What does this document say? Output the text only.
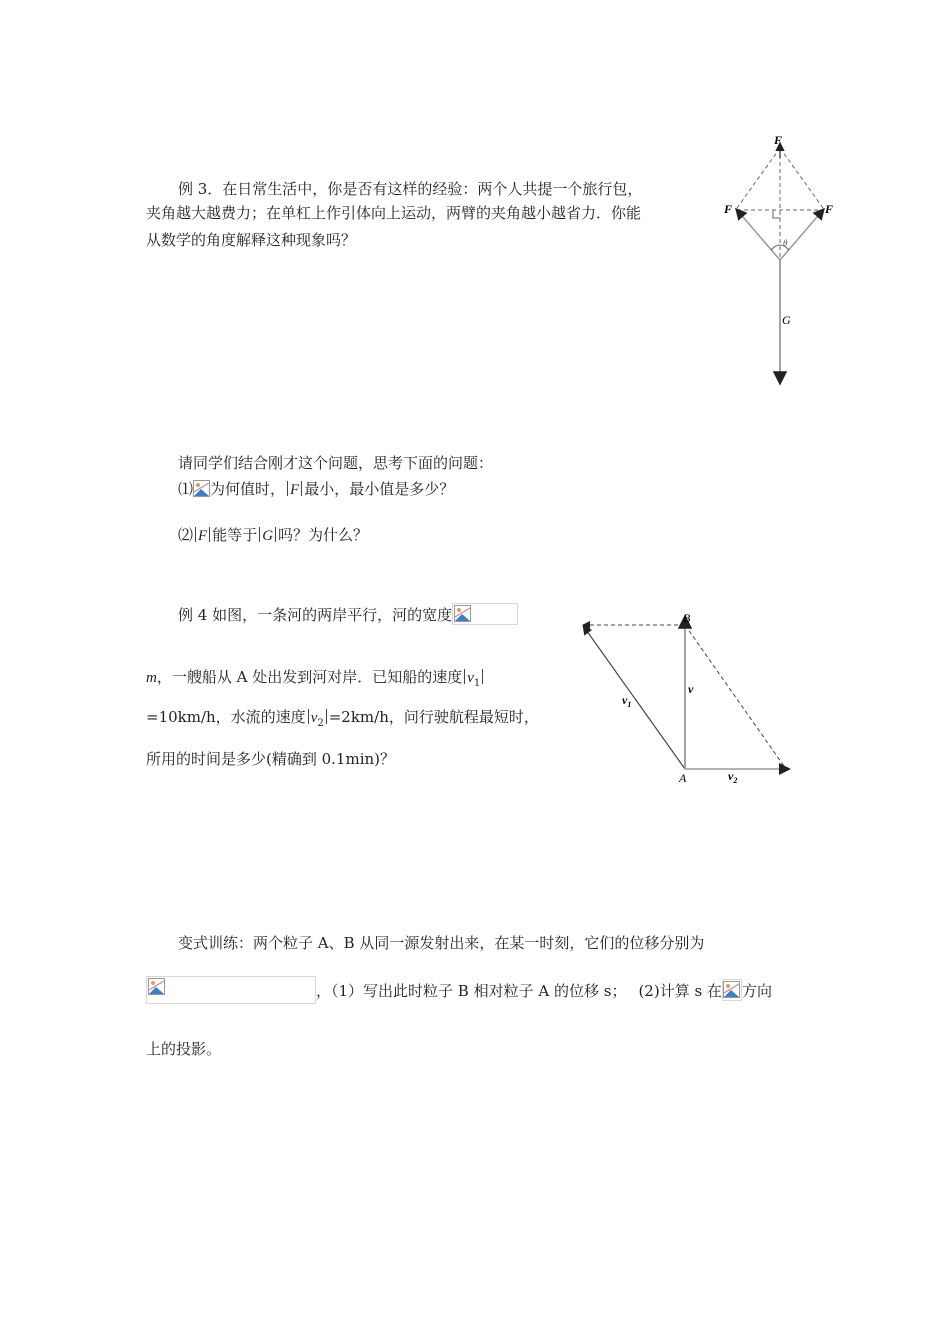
例 3．在日常生活中，你是否有这样的经验：两个人共提一个旅行包，
夹角越大越费力；在单杠上作引体向上运动，两臂的夹角越小越省力．你能
从数学的角度解释这种现象吗？
F
F	F
θ
G
请同学们结合刚才这个问题，思考下面的问题：
⑴ 为何值时， F 最小，最小值是多少？
⑵ F 能等于 G 吗？为什么？
例 4 如图，一条河的两岸平行，河的宽度
m，一艘船从 A 处出发到河对岸．已知船的速度 $v_1$
=10km/h，水流的速度 $v_2 =2km/h$，问行驶航程最短时，
所用的时间是多少(精确到 0.1min)？
B
A
v
$v_1$
$v_2$
变式训练：两个粒子 A、B 从同一源发射出来，在某一时刻，它们的位移分别为
，（1）写出此时粒子 B 相对粒子 A 的位移 s； (2)计算 s 在 方向
上的投影。
